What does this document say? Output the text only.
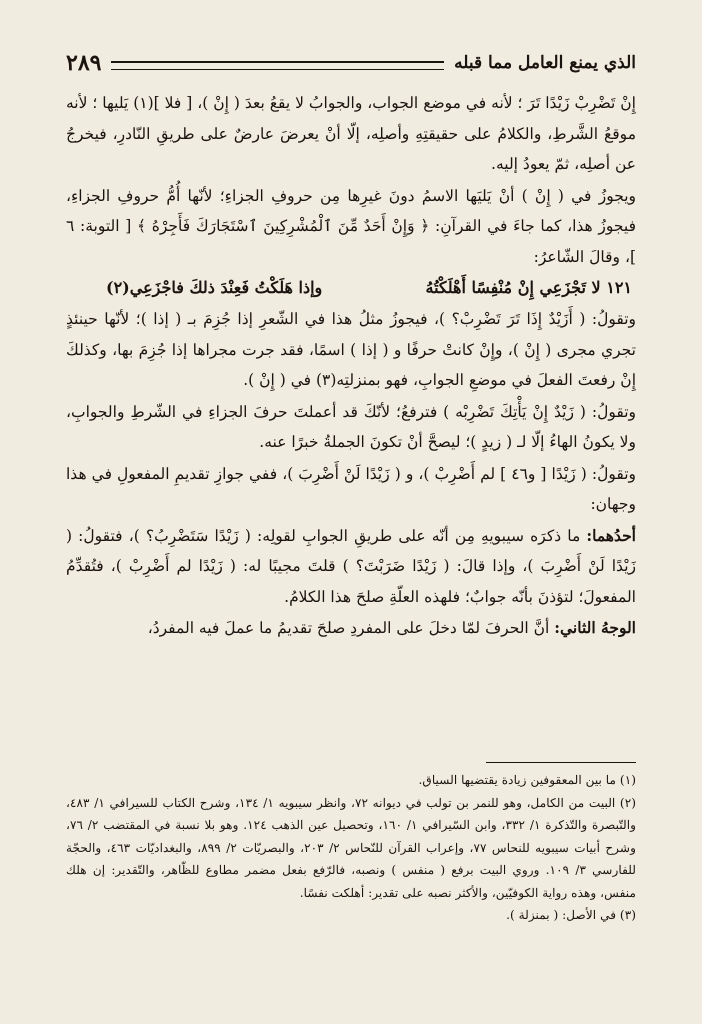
الذي يمنع العامل مما قبله
٢٨٩

إِنْ تَضْرِبْ زَيْدًا تَرَ ؛ لأنه في موضع الجواب، والجوابُ لا يقعُ بعدَ ( إِنْ )، [ فلا ](١) يَليها ؛ لأنه موقعُ الشَّرطِ، والكلامُ على حقيقتِهِ وأصلِه، إلّا أنْ يعرضَ عارضٌ على طريقِ النّادرِ، فيخرجُ عن أصلِه، ثمّ يعودُ إليه.

ويجوزُ في ( إِنْ ) أنْ يَليَها الاسمُ دونَ غيرِها مِن حروفِ الجزاءِ؛ لأنّها أُمُّ حروفِ الجزاءِ، فيجوزُ هذا، كما جاءَ في القرآنِ: ﴿ وَإِنْ أَحَدٌ مِّنَ ٱلْمُشْرِكِينَ ٱسْتَجَارَكَ فَأَجِرْهُ ﴾ [ التوبة: ٦ ]، وقالَ الشّاعرُ:

١٢١ لا تَجْزَعِي إِنْ مُنْفِسًا أَهْلَكْتُهُ
وإذا هَلَكْتُ فَعِنْدَ ذلكَ فاجْزَعِي(٢)

وتقولُ: ( أَزَيْدٌ إِذَا تَرَ تَضْرِبْ؟ )، فيجوزُ مثلُ هذا في الشّعرِ إذا جُزِمَ بـ ( إذا )؛ لأنّها حينئذٍ تجري مجرى ( إِنْ )، وإِنْ كانتْ حرفًا و ( إذا ) اسمًا، فقد جرت مجراها إذا جُزِمَ بها، وكذلكَ إِنْ رفعتَ الفعلَ في موضعِ الجوابِ، فهو بمنزلتِه(٣) في ( إِنْ ).

وتقولُ: ( زَيْدٌ إِنْ يَأْتِكَ تَضْرِبْه ) فترفعُ؛ لأنّكَ قد أعملتَ حرفَ الجزاءِ في الشّرطِ والجوابِ، ولا يكونُ الهاءُ إلّا لـ ( زيدٍ )؛ ليصحَّ أنْ تكونَ الجملةُ خبرًا عنه.

وتقولُ: ( زَيْدًا [ و٤٦ ] لم أَضْرِبْ )، و ( زَيْدًا لَنْ أَضْرِبَ )، ففي جوازِ تقديمِ المفعولِ في هذا وجهان:

أحدُهما: ما ذكرَه سيبويهِ مِن أنّه على طريقِ الجوابِ لقولِه: ( زَيْدًا سَتَضْرِبُ؟ )، فتقولُ: ( زَيْدًا لَنْ أَضْرِبَ )، وإذا قالَ: ( زَيْدًا ضَرَبْتَ؟ ) قلتَ مجيبًا له: ( زَيْدًا لم أَضْرِبْ )، فتُقدِّمُ المفعولَ؛ لتؤذنَ بأنّه جوابٌ؛ فلهذه العلّةِ صلحَ هذا الكلامُ.

الوجهُ الثاني: أنَّ الحرفَ لمّا دخلَ على المفردِ صلحَ تقديمُ ما عملَ فيه المفردُ،

(١) ما بين المعقوفين زيادة يقتضيها السياق.

(٢) البيت من الكامل، وهو للنمر بن تولب في ديوانه ٧٢، وانظر سيبويه ١/ ١٣٤، وشرح الكتاب للسيرافي ١/ ٤٨٣، والتّبصرة والتّذكرة ١/ ٣٣٢، وابن السّيرافي ١/ ١٦٠، وتحصيل عين الذهب ١٢٤. وهو بلا نسبة في المقتضب ٢/ ٧٦، وشرح أبيات سيبويه للنحاس ٧٧، وإعراب القرآن للنّحاس ٢/ ٢٠٣، والبصريّات ٢/ ٨٩٩، والبغداديّات ٤٦٣، والحجّة للفارسي ٣/ ١٠٩. وروي البيت برفع ( منفس ) ونصبه، فالرّفع بفعل مضمر مطاوع للظّاهر، والتّقدير: إن هلك منفس، وهذه رواية الكوفيّين، والأكثر نصبه على تقدير: أهلكت نفسًا.

(٣) في الأصل: ( بمنزلة ).
